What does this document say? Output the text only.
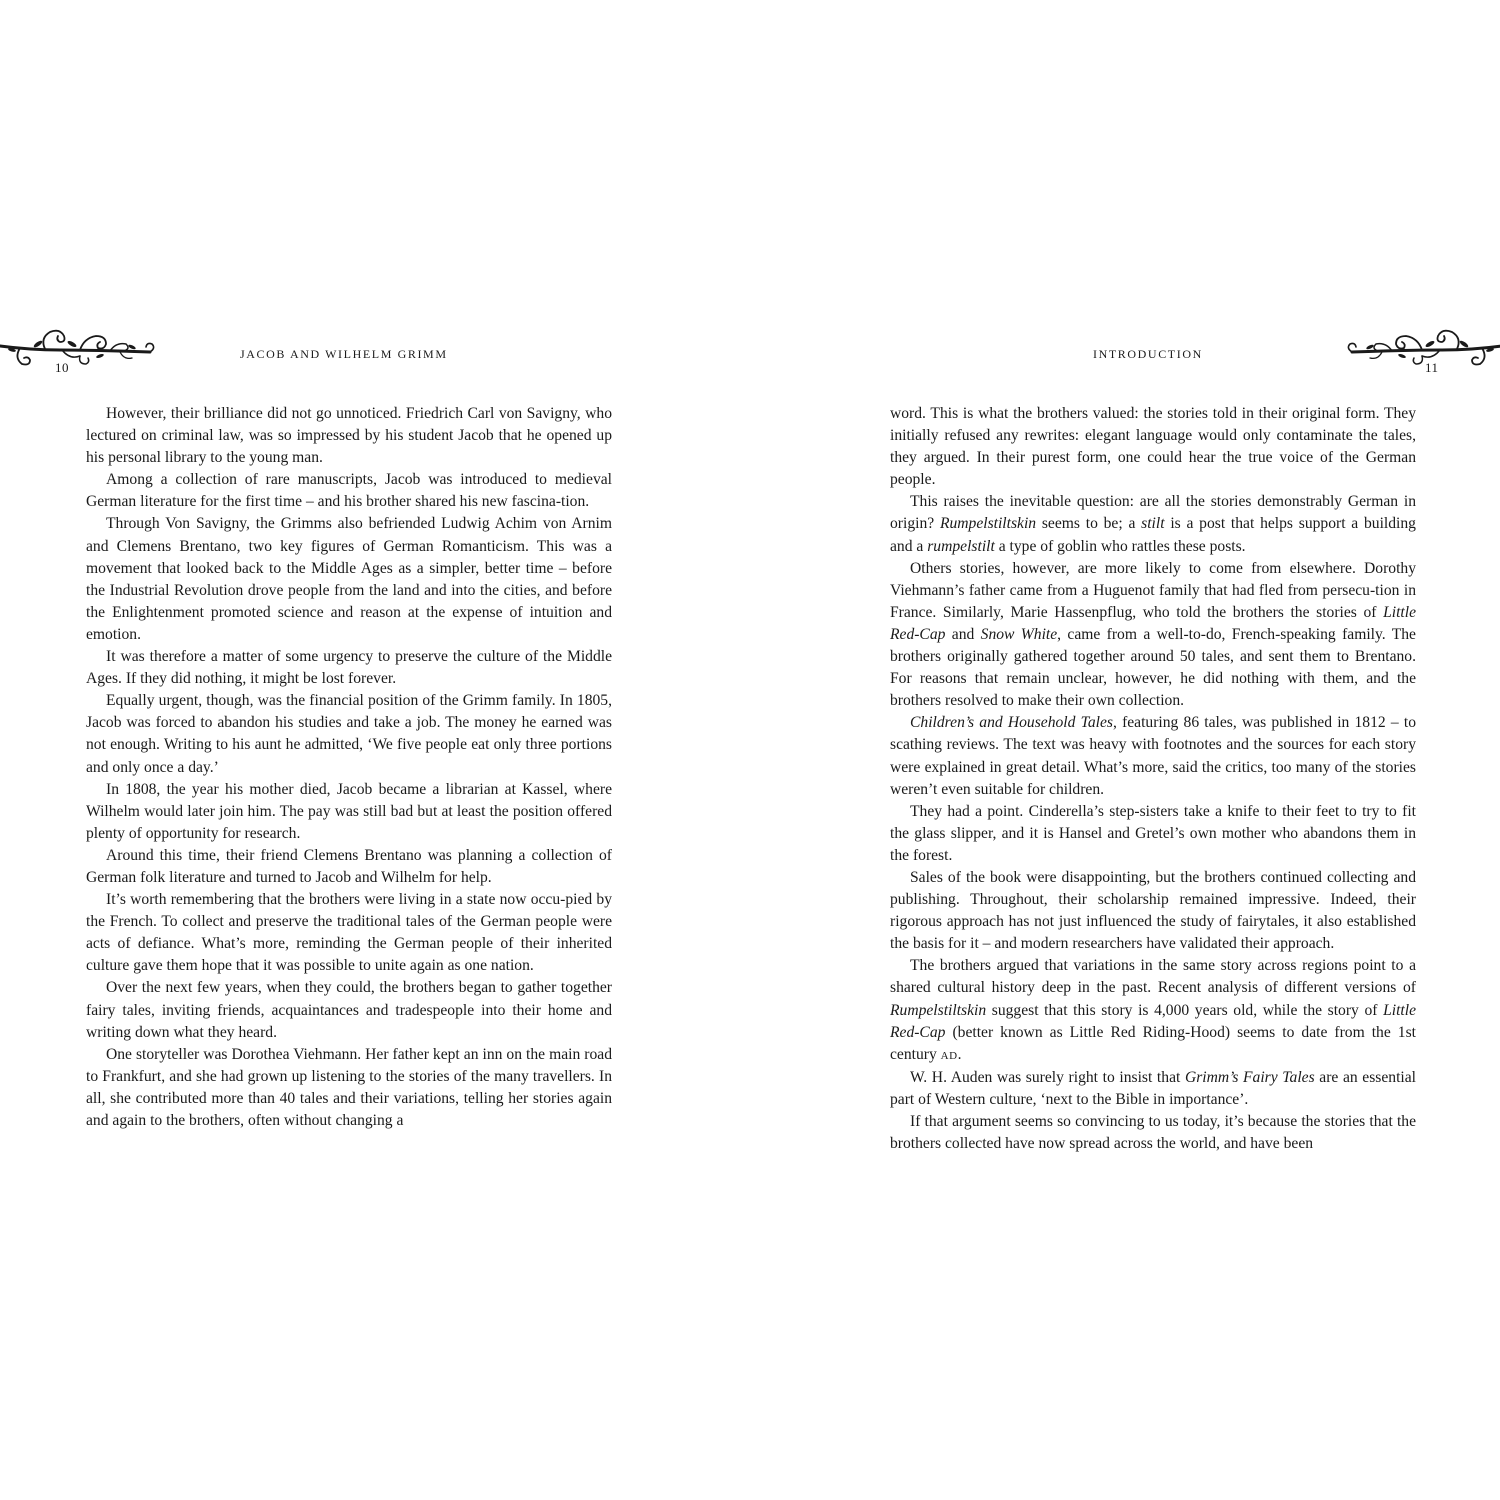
10
JACOB AND WILHELM GRIMM

However, their brilliance did not go unnoticed. Friedrich Carl von Savigny, who lectured on criminal law, was so impressed by his student Jacob that he opened up his personal library to the young man.

Among a collection of rare manuscripts, Jacob was introduced to medieval German literature for the first time – and his brother shared his new fascina-tion.

Through Von Savigny, the Grimms also befriended Ludwig Achim von Arnim and Clemens Brentano, two key figures of German Romanticism. This was a movement that looked back to the Middle Ages as a simpler, better time – before the Industrial Revolution drove people from the land and into the cities, and before the Enlightenment promoted science and reason at the expense of intuition and emotion.

It was therefore a matter of some urgency to preserve the culture of the Middle Ages. If they did nothing, it might be lost forever.

Equally urgent, though, was the financial position of the Grimm family. In 1805, Jacob was forced to abandon his studies and take a job. The money he earned was not enough. Writing to his aunt he admitted, ‘We five people eat only three portions and only once a day.’

In 1808, the year his mother died, Jacob became a librarian at Kassel, where Wilhelm would later join him. The pay was still bad but at least the position offered plenty of opportunity for research.

Around this time, their friend Clemens Brentano was planning a collection of German folk literature and turned to Jacob and Wilhelm for help.

It’s worth remembering that the brothers were living in a state now occu-pied by the French. To collect and preserve the traditional tales of the German people were acts of defiance. What’s more, reminding the German people of their inherited culture gave them hope that it was possible to unite again as one nation.

Over the next few years, when they could, the brothers began to gather together fairy tales, inviting friends, acquaintances and tradespeople into their home and writing down what they heard.

One storyteller was Dorothea Viehmann. Her father kept an inn on the main road to Frankfurt, and she had grown up listening to the stories of the many travellers. In all, she contributed more than 40 tales and their variations, telling her stories again and again to the brothers, often without changing a

11
INTRODUCTION

word. This is what the brothers valued: the stories told in their original form. They initially refused any rewrites: elegant language would only contaminate the tales, they argued. In their purest form, one could hear the true voice of the German people.

This raises the inevitable question: are all the stories demonstrably German in origin? Rumpelstiltskin seems to be; a stilt is a post that helps support a building and a rumpelstilt a type of goblin who rattles these posts.

Others stories, however, are more likely to come from elsewhere. Dorothy Viehmann’s father came from a Huguenot family that had fled from persecu-tion in France. Similarly, Marie Hassenpflug, who told the brothers the stories of Little Red-Cap and Snow White, came from a well-to-do, French-speaking family. The brothers originally gathered together around 50 tales, and sent them to Brentano. For reasons that remain unclear, however, he did nothing with them, and the brothers resolved to make their own collection.

Children’s and Household Tales, featuring 86 tales, was published in 1812 – to scathing reviews. The text was heavy with footnotes and the sources for each story were explained in great detail. What’s more, said the critics, too many of the stories weren’t even suitable for children.

They had a point. Cinderella’s step-sisters take a knife to their feet to try to fit the glass slipper, and it is Hansel and Gretel’s own mother who abandons them in the forest.

Sales of the book were disappointing, but the brothers continued collecting and publishing. Throughout, their scholarship remained impressive. Indeed, their rigorous approach has not just influenced the study of fairytales, it also established the basis for it – and modern researchers have validated their approach.

The brothers argued that variations in the same story across regions point to a shared cultural history deep in the past. Recent analysis of different versions of Rumpelstiltskin suggest that this story is 4,000 years old, while the story of Little Red-Cap (better known as Little Red Riding-Hood) seems to date from the 1st century AD.

W. H. Auden was surely right to insist that Grimm’s Fairy Tales are an essential part of Western culture, ‘next to the Bible in importance’.

If that argument seems so convincing to us today, it’s because the stories that the brothers collected have now spread across the world, and have been
